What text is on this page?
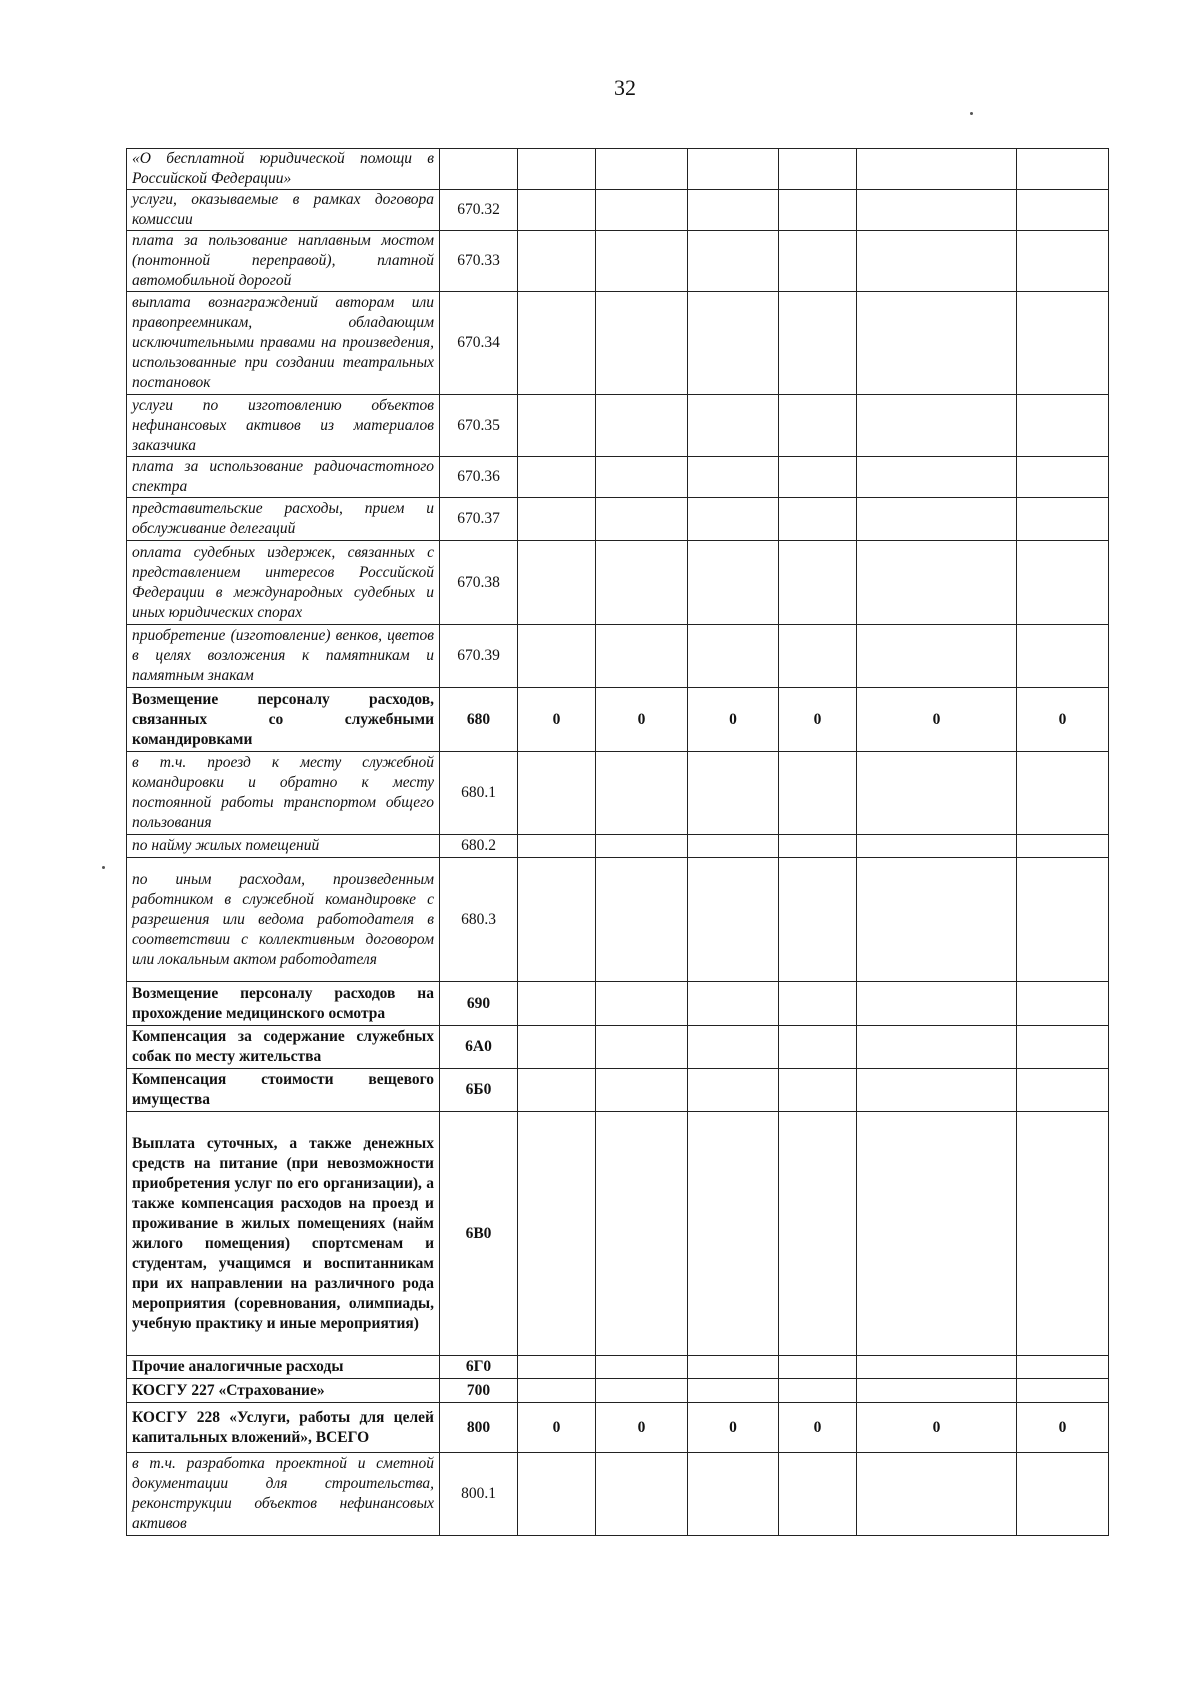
32
«О бесплатной юридической помощи в Российской Федерации»							
услуги, оказываемые в рамках договора комиссии	670.32						
плата за пользование наплавным мостом (понтонной переправой), платной автомобильной дорогой	670.33						
выплата вознаграждений авторам или правопреемникам, обладающим исключительными правами на произведения, использованные при создании театральных постановок	670.34						
услуги по изготовлению объектов нефинансовых активов из материалов заказчика	670.35						
плата за использование радиочастотного спектра	670.36						
представительские расходы, прием и обслуживание делегаций	670.37						
оплата судебных издержек, связанных с представлением интересов Российской Федерации в международных судебных и иных юридических спорах	670.38						
приобретение (изготовление) венков, цветов в целях возложения к памятникам и памятным знакам	670.39						
Возмещение персоналу расходов, связанных со служебными командировками	680	0	0	0	0	0	0
в т.ч. проезд к месту служебной командировки и обратно к месту постоянной работы транспортом общего пользования	680.1						
по найму жилых помещений	680.2						
по иным расходам, произведенным работником в служебной командировке с разрешения или ведома работодателя в соответствии с коллективным договором или локальным актом работодателя	680.3						
Возмещение персоналу расходов на прохождение медицинского осмотра	690						
Компенсация за содержание служебных собак по месту жительства	6А0						
Компенсация стоимости вещевого имущества	6Б0						
Выплата суточных, а также денежных средств на питание (при невозможности приобретения услуг по его организации), а также компенсация расходов на проезд и проживание в жилых помещениях (найм жилого помещения) спортсменам и студентам, учащимся и воспитанникам при их направлении на различного рода мероприятия (соревнования, олимпиады, учебную практику и иные мероприятия)	6В0						
Прочие аналогичные расходы	6Г0						
КОСГУ 227 «Страхование»	700						
КОСГУ 228 «Услуги, работы для целей капитальных вложений», ВСЕГО	800	0	0	0	0	0	0
в т.ч. разработка проектной и сметной документации для строительства, реконструкции объектов нефинансовых активов	800.1						
